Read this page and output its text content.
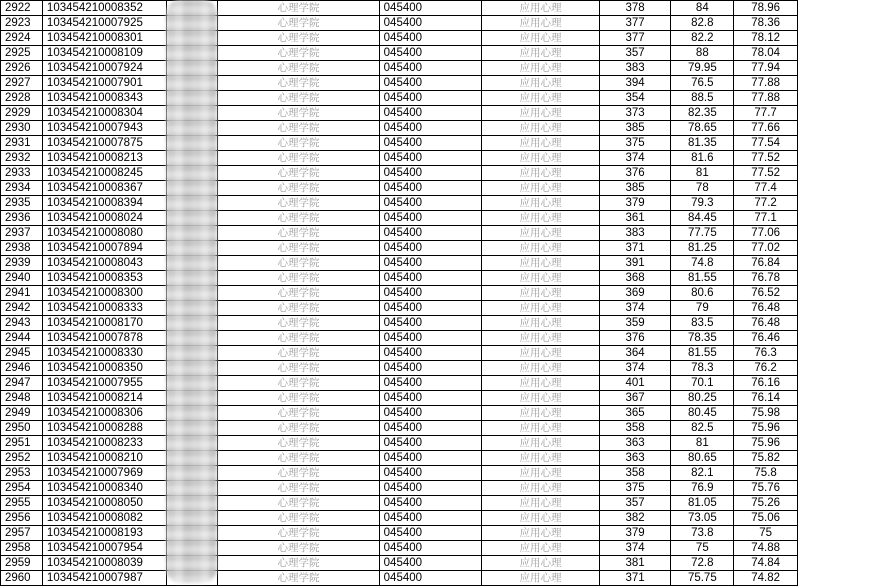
2922	103454210008352		心理学院	045400	应用心理	378	84	78.96	
2923	103454210007925		心理学院	045400	应用心理	377	82.8	78.36	
2924	103454210008301		心理学院	045400	应用心理	377	82.2	78.12	
2925	103454210008109		心理学院	045400	应用心理	357	88	78.04	
2926	103454210007924		心理学院	045400	应用心理	383	79.95	77.94	
2927	103454210007901		心理学院	045400	应用心理	394	76.5	77.88	
2928	103454210008343		心理学院	045400	应用心理	354	88.5	77.88	
2929	103454210008304		心理学院	045400	应用心理	373	82.35	77.7	
2930	103454210007943		心理学院	045400	应用心理	385	78.65	77.66	
2931	103454210007875		心理学院	045400	应用心理	375	81.35	77.54	
2932	103454210008213		心理学院	045400	应用心理	374	81.6	77.52	
2933	103454210008245		心理学院	045400	应用心理	376	81	77.52	
2934	103454210008367		心理学院	045400	应用心理	385	78	77.4	
2935	103454210008394		心理学院	045400	应用心理	379	79.3	77.2	
2936	103454210008024		心理学院	045400	应用心理	361	84.45	77.1	
2937	103454210008080		心理学院	045400	应用心理	383	77.75	77.06	
2938	103454210007894		心理学院	045400	应用心理	371	81.25	77.02	
2939	103454210008043		心理学院	045400	应用心理	391	74.8	76.84	
2940	103454210008353		心理学院	045400	应用心理	368	81.55	76.78	
2941	103454210008300		心理学院	045400	应用心理	369	80.6	76.52	
2942	103454210008333		心理学院	045400	应用心理	374	79	76.48	
2943	103454210008170		心理学院	045400	应用心理	359	83.5	76.48	
2944	103454210007878		心理学院	045400	应用心理	376	78.35	76.46	
2945	103454210008330		心理学院	045400	应用心理	364	81.55	76.3	
2946	103454210008350		心理学院	045400	应用心理	374	78.3	76.2	
2947	103454210007955		心理学院	045400	应用心理	401	70.1	76.16	
2948	103454210008214		心理学院	045400	应用心理	367	80.25	76.14	
2949	103454210008306		心理学院	045400	应用心理	365	80.45	75.98	
2950	103454210008288		心理学院	045400	应用心理	358	82.5	75.96	
2951	103454210008233		心理学院	045400	应用心理	363	81	75.96	
2952	103454210008210		心理学院	045400	应用心理	363	80.65	75.82	
2953	103454210007969		心理学院	045400	应用心理	358	82.1	75.8	
2954	103454210008340		心理学院	045400	应用心理	375	76.9	75.76	
2955	103454210008050		心理学院	045400	应用心理	357	81.05	75.26	
2956	103454210008082		心理学院	045400	应用心理	382	73.05	75.06	
2957	103454210008193		心理学院	045400	应用心理	379	73.8	75	
2958	103454210007954		心理学院	045400	应用心理	374	75	74.88	
2959	103454210008039		心理学院	045400	应用心理	381	72.8	74.84	
2960	103454210007987		心理学院	045400	应用心理	371	75.75	74.82	
